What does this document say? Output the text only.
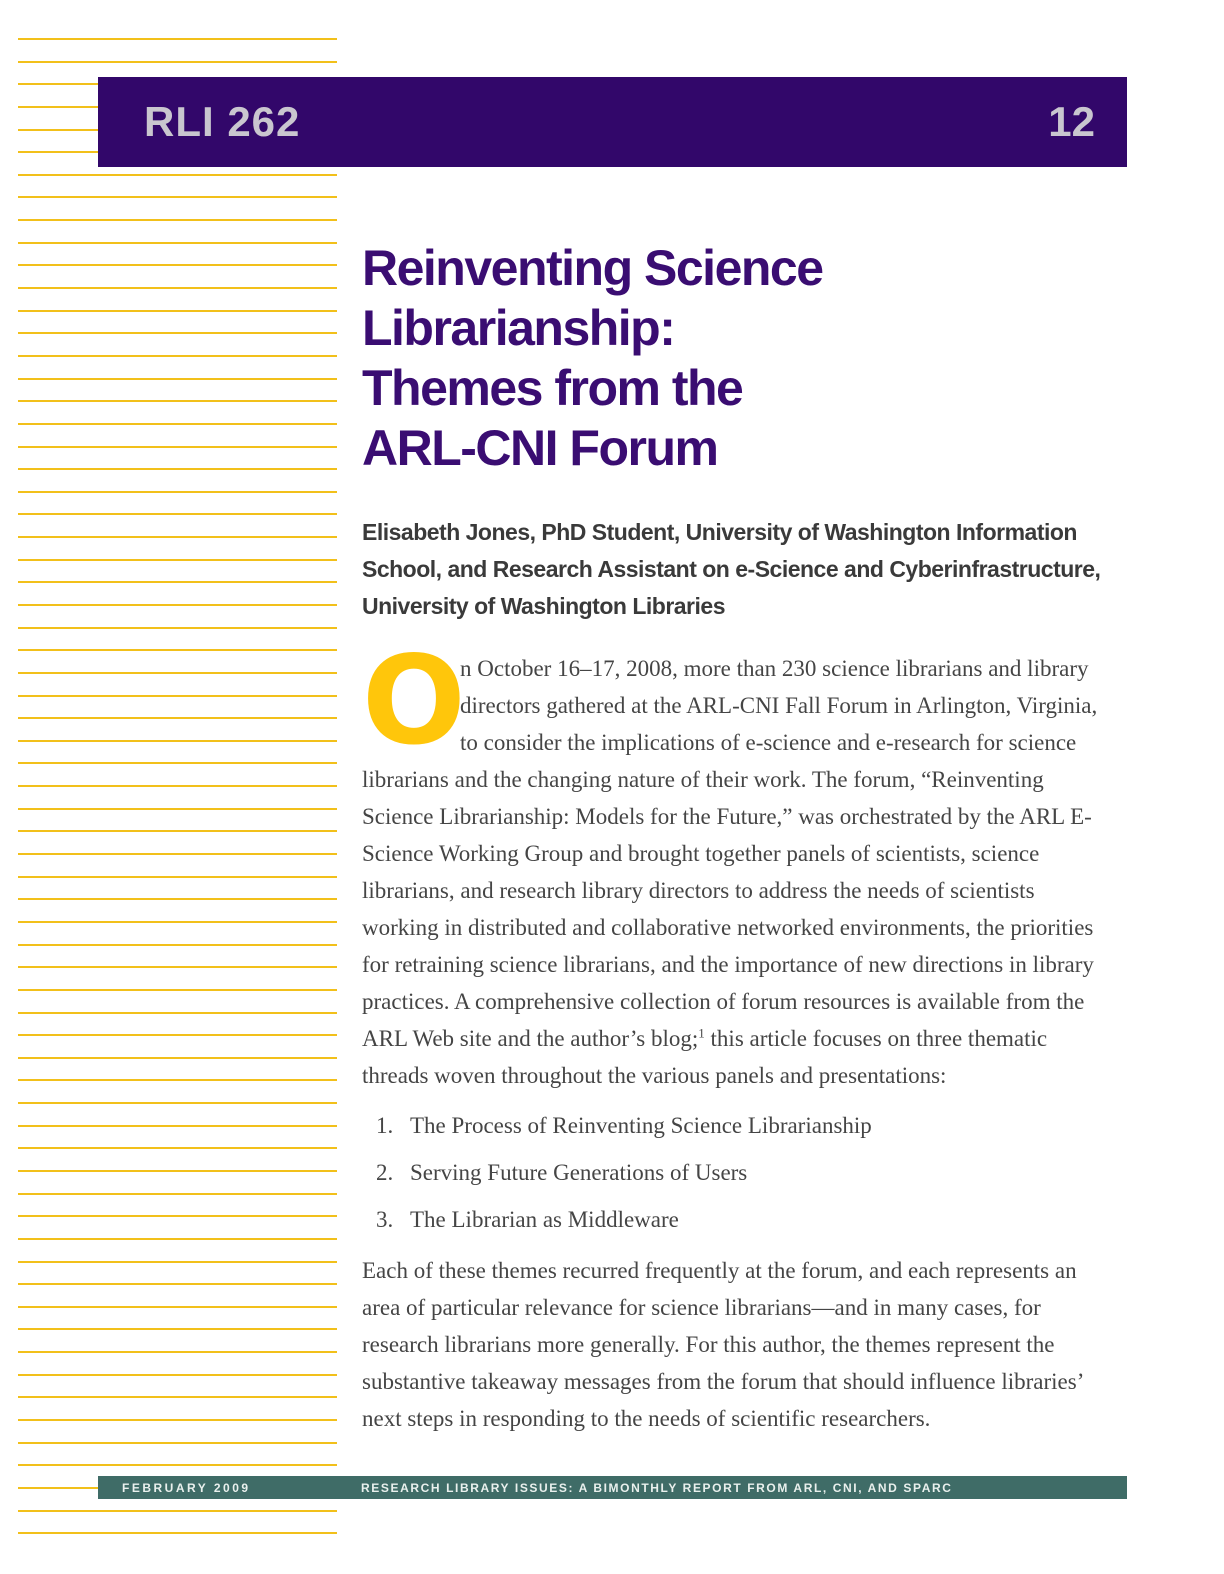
RLI 262	12
Reinventing Science
Librarianship:
Themes from the
ARL-CNI Forum
Elisabeth Jones, PhD Student, University of Washington Information
School, and Research Assistant on e-Science and Cyberinfrastructure,
University of Washington Libraries

O
n October 16–17, 2008, more than 230 science librarians and library directors gathered at the ARL-CNI Fall Forum in Arlington, Virginia, to consider the implications of e-science and e-research for science librarians and the changing nature of their work. The forum, “Reinventing Science Librarianship: Models for the Future,” was orchestrated by the ARL E-Science Working Group and brought together panels of scientists, science librarians, and research library directors to address the needs of scientists working in distributed and collaborative networked environments, the priorities for retraining science librarians, and the importance of new directions in library practices. A comprehensive collection of forum resources is available from the ARL Web site and the author’s blog;$^1$ this article focuses on three thematic threads woven throughout the various panels and presentations:

1. The Process of Reinventing Science Librarianship
2. Serving Future Generations of Users
3. The Librarian as Middleware

Each of these themes recurred frequently at the forum, and each represents an area of particular relevance for science librarians—and in many cases, for research librarians more generally. For this author, the themes represent the substantive takeaway messages from the forum that should influence libraries’ next steps in responding to the needs of scientific researchers.

FEBRUARY 2009	RESEARCH LIBRARY ISSUES: A BIMONTHLY REPORT FROM ARL, CNI, AND SPARC
